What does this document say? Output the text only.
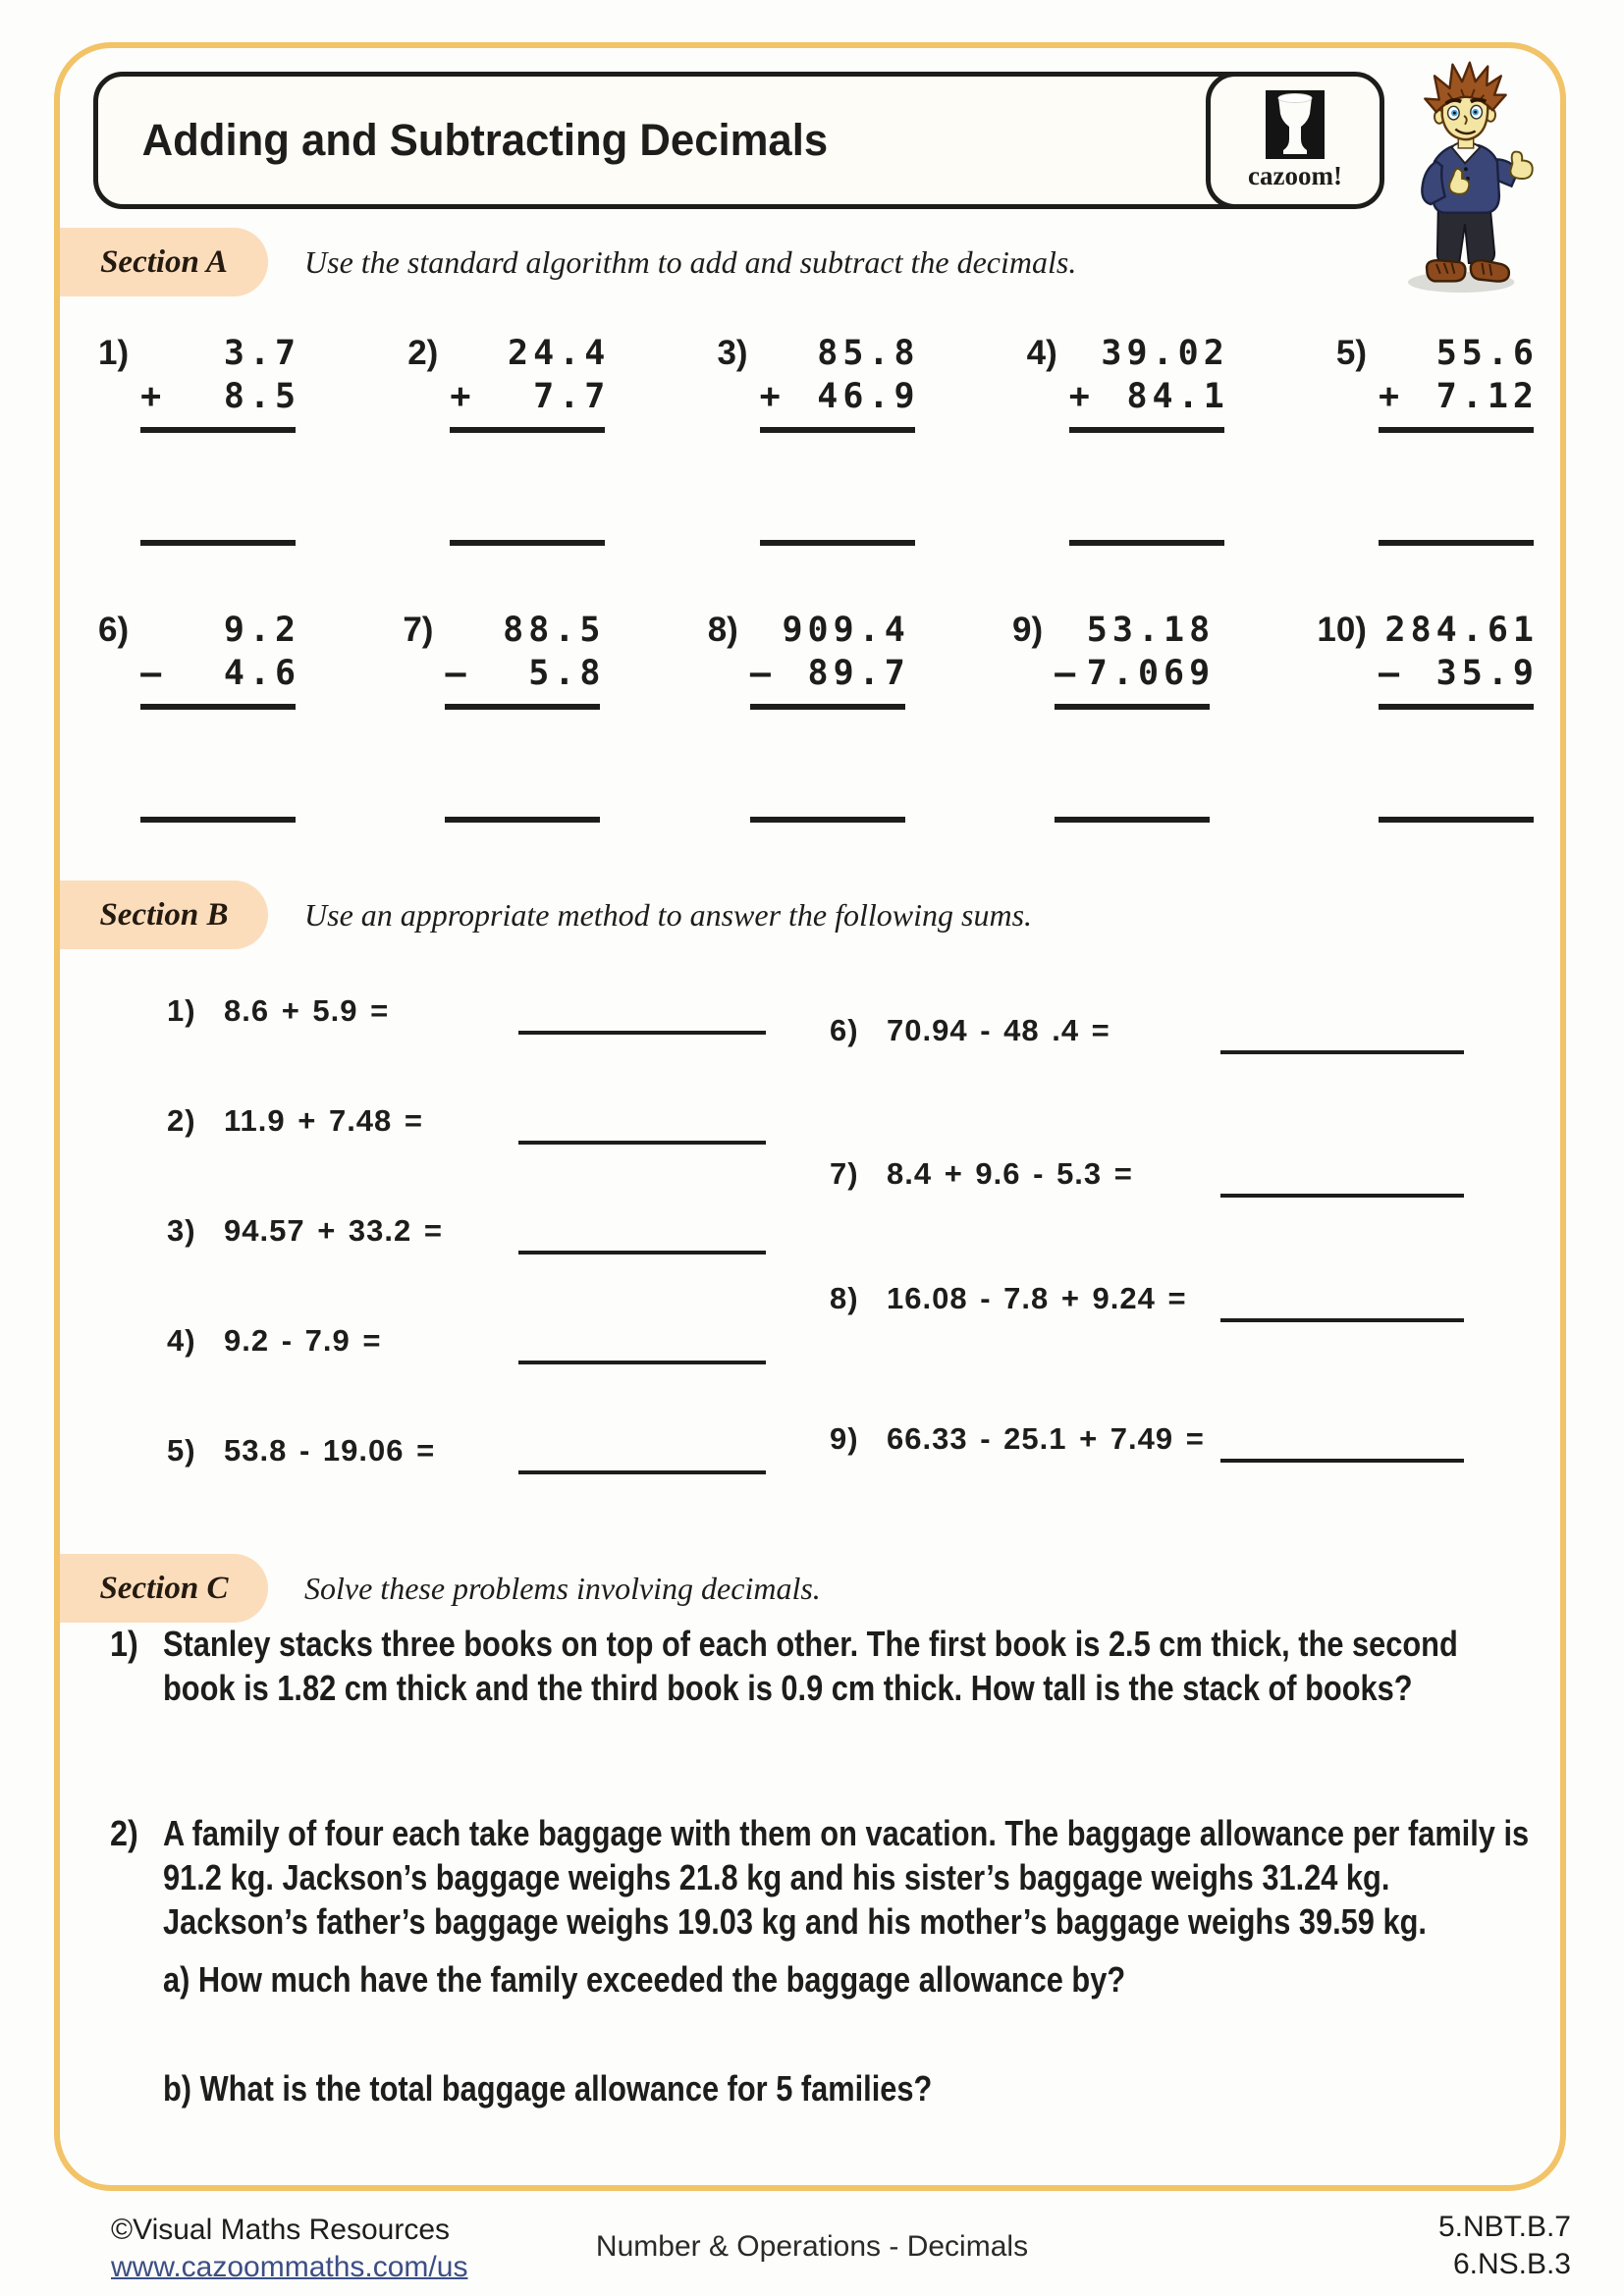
Adding and Subtracting Decimals
cazoom!
Section A Use the standard algorithm to add and subtract the decimals.
1)	3.7
+ 8.5
2)	24.4
+ 7.7
3)	85.8
+ 46.9
4)	39.02
+ 84.1
5)	55.6
+ 7.12
6)	9.2
– 4.6
7)	88.5
– 5.8
8)	909.4
– 89.7
9)	53.18
– 7.069
10) 284.61
– 35.9
Section B Use an appropriate method to answer the following sums.
1) 8.6 + 5.9 =
2) 11.9 + 7.48 =
3) 94.57 + 33.2 =
4) 9.2 - 7.9 =
5) 53.8 - 19.06 =
6) 70.94 - 48 .4 =
7) 8.4 + 9.6 - 5.3 =
8) 16.08 - 7.8 + 9.24 =
9) 66.33 - 25.1 + 7.49 =
Section C Solve these problems involving decimals.
1) Stanley stacks three books on top of each other. The first book is 2.5 cm thick, the second book is 1.82 cm thick and the third book is 0.9 cm thick. How tall is the stack of books?
2) A family of four each take baggage with them on vacation. The baggage allowance per family is 91.2 kg. Jackson’s baggage weighs 21.8 kg and his sister’s baggage weighs 31.24 kg. Jackson’s father’s baggage weighs 19.03 kg and his mother’s baggage weighs 39.59 kg.
a) How much have the family exceeded the baggage allowance by?
b) What is the total baggage allowance for 5 families?
©Visual Maths Resources
www.cazoommaths.com/us
Number & Operations - Decimals
5.NBT.B.7
6.NS.B.3
